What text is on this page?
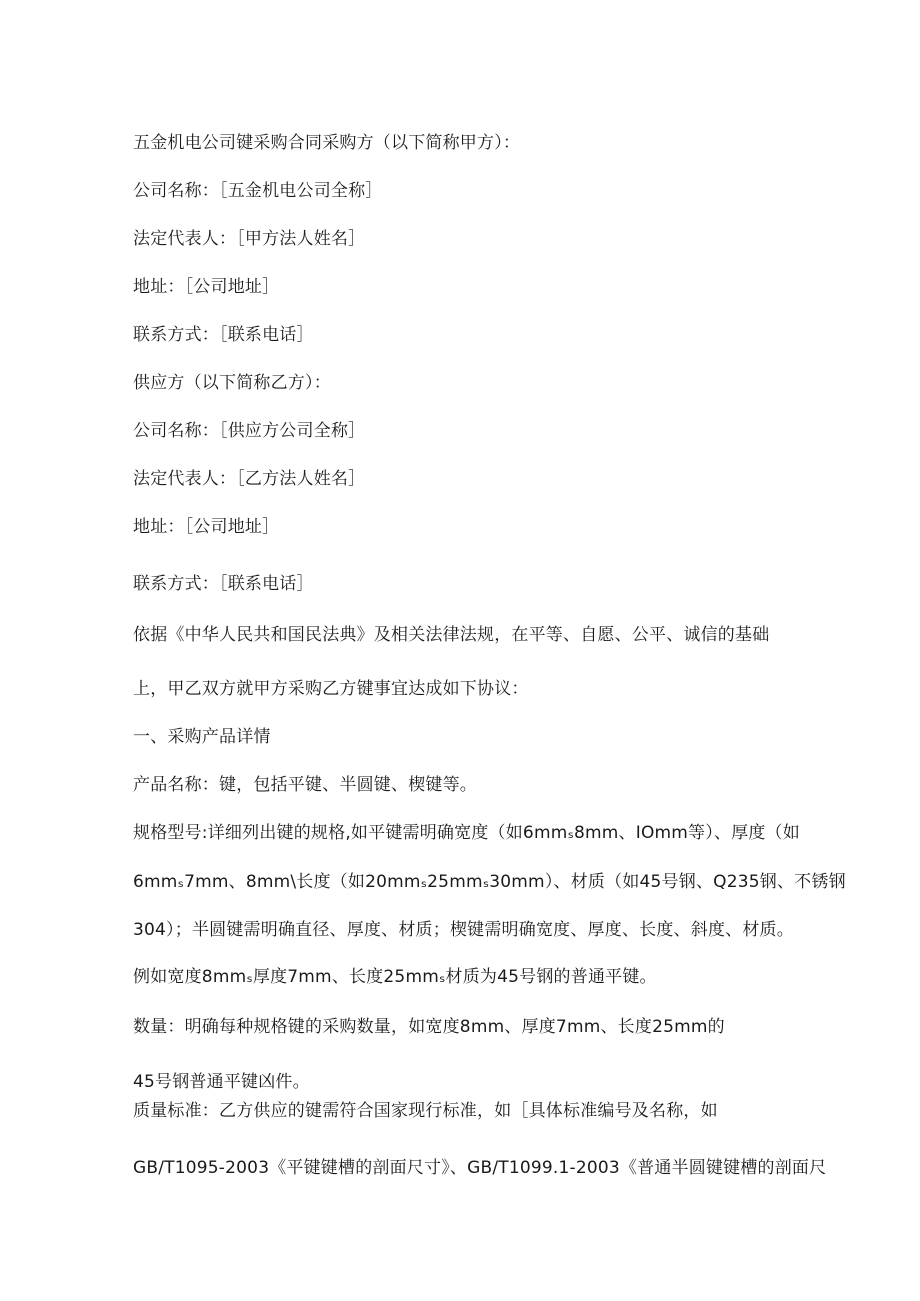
五金机电公司键采购合同采购方（以下简称甲方）：
公司名称：［五金机电公司全称］
法定代表人：［甲方法人姓名］
地址：［公司地址］
联系方式：［联系电话］
供应方（以下简称乙方）：
公司名称：［供应方公司全称］
法定代表人：［乙方法人姓名］
地址：［公司地址］
联系方式：［联系电话］
依据《中华人民共和国民法典》及相关法律法规，在平等、自愿、公平、诚信的基础
上，甲乙双方就甲方采购乙方键事宜达成如下协议：
一、采购产品详情
产品名称：键，包括平键、半圆键、楔键等。
规格型号:详细列出键的规格,如平键需明确宽度（如6mmₛ8mm、IOmm等）、厚度（如
6mmₛ7mm、8mm\长度（如20mmₛ25mmₛ30mm）、材质（如45号钢、Q235钢、不锈钢
304）；半圆键需明确直径、厚度、材质；楔键需明确宽度、厚度、长度、斜度、材质。
例如宽度8mmₛ厚度7mm、长度25mmₛ材质为45号钢的普通平键。
数量：明确每种规格键的采购数量，如宽度8mm、厚度7mm、长度25mm的
45号钢普通平键凶件。
质量标准：乙方供应的键需符合国家现行标准，如［具体标准编号及名称，如
GB/T1095-2003《平键键槽的剖面尺寸》、GB/T1099.1-2003《普通半圆键键槽的剖面尺
